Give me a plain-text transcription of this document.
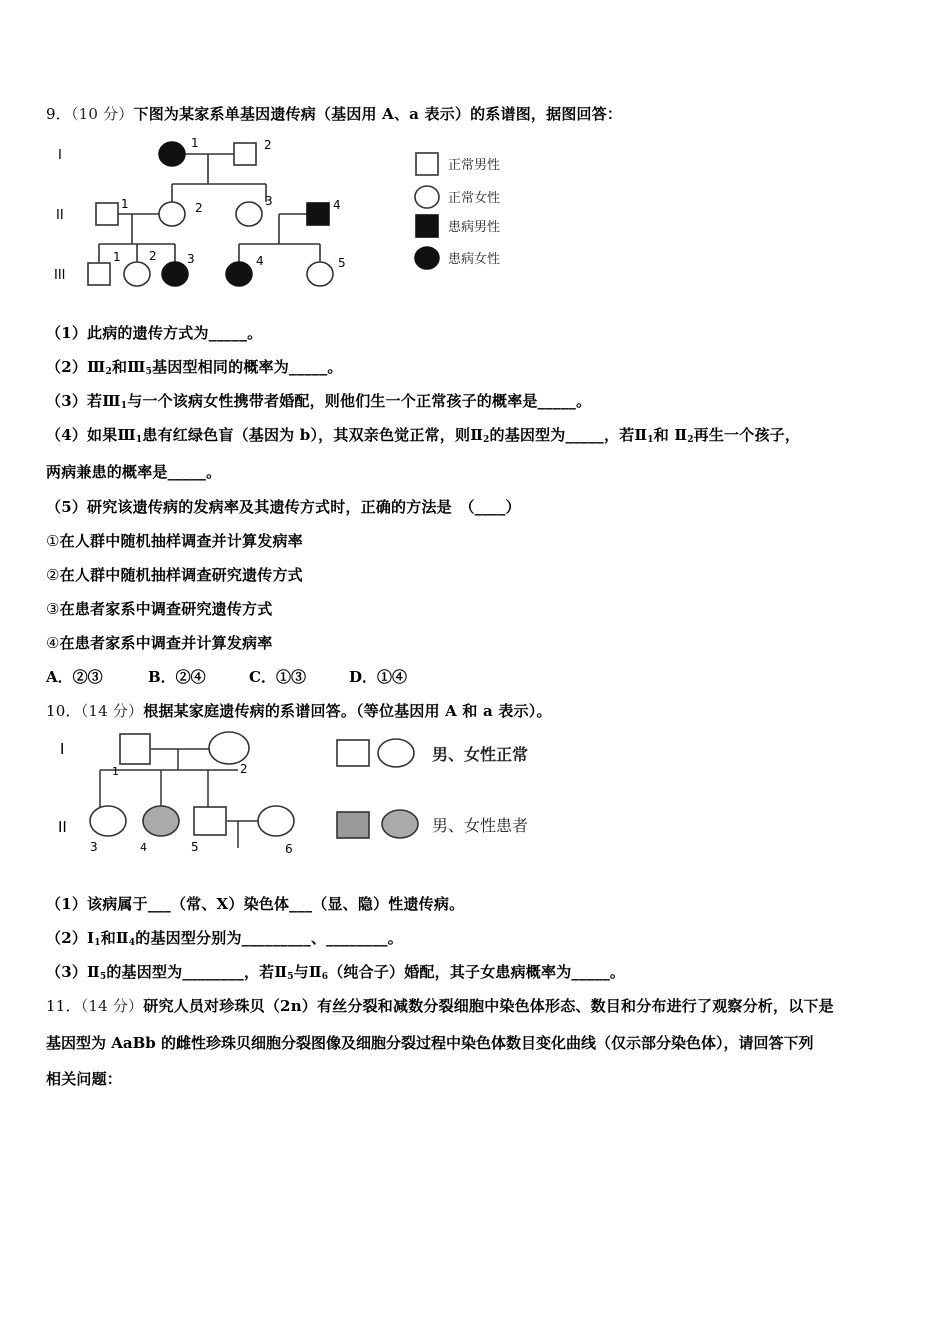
9．（10 分）下图为某家系单基因遗传病（基因用 A、a 表示）的系谱图，据图回答：
I
II
III
1	2
1	2	3	4
1 2	3	4	5
正常男性
正常女性
患病男性
患病女性
（1）此病的遗传方式为_____。
$(2)Ⅲ_2$和$Ⅲ_5$基因型相同的概率为_____。
（3）若$Ⅲ_1$与一个该病女性携带者婚配，则他们生一个正常孩子的概率是_____。
（4）如果$Ⅲ_1$患有红绿色盲（基因为 b），其双亲色觉正常，则$Ⅱ_2$的基因型为_____，若$Ⅱ_1$和 $Ⅱ_2$再生一个孩子，
两病兼患的概率是_____。
（5）研究该遗传病的发病率及其遗传方式时，正确的方法是　（____）
①在人群中随机抽样调查并计算发病率
②在人群中随机抽样调查研究遗传方式
③在患者家系中调查研究遗传方式
④在患者家系中调查并计算发病率
A．②③	B．②④	C．①③	D．①④
10．（14 分）根据某家庭遗传病的系谱回答。（等位基因用 A 和 a 表示）。
I
II
1	2
3	4	5	6
男、女性正常
男、女性患者
（1）该病属于___（常、X）染色体___（显、隐）性遗传病。
$(2)Ⅰ_1$和$Ⅱ_4$的基因型分别为_________、________。
$(3)Ⅱ_5$的基因型为________，若$Ⅱ_5$与$Ⅱ_6$（纯合子）婚配，其子女患病概率为_____。
11．（14 分）研究人员对珍珠贝（2n）有丝分裂和减数分裂细胞中染色体形态、数目和分布进行了观察分析，以下是
基因型为 AaBb 的雌性珍珠贝细胞分裂图像及细胞分裂过程中染色体数目变化曲线（仅示部分染色体），请回答下列
相关问题：
